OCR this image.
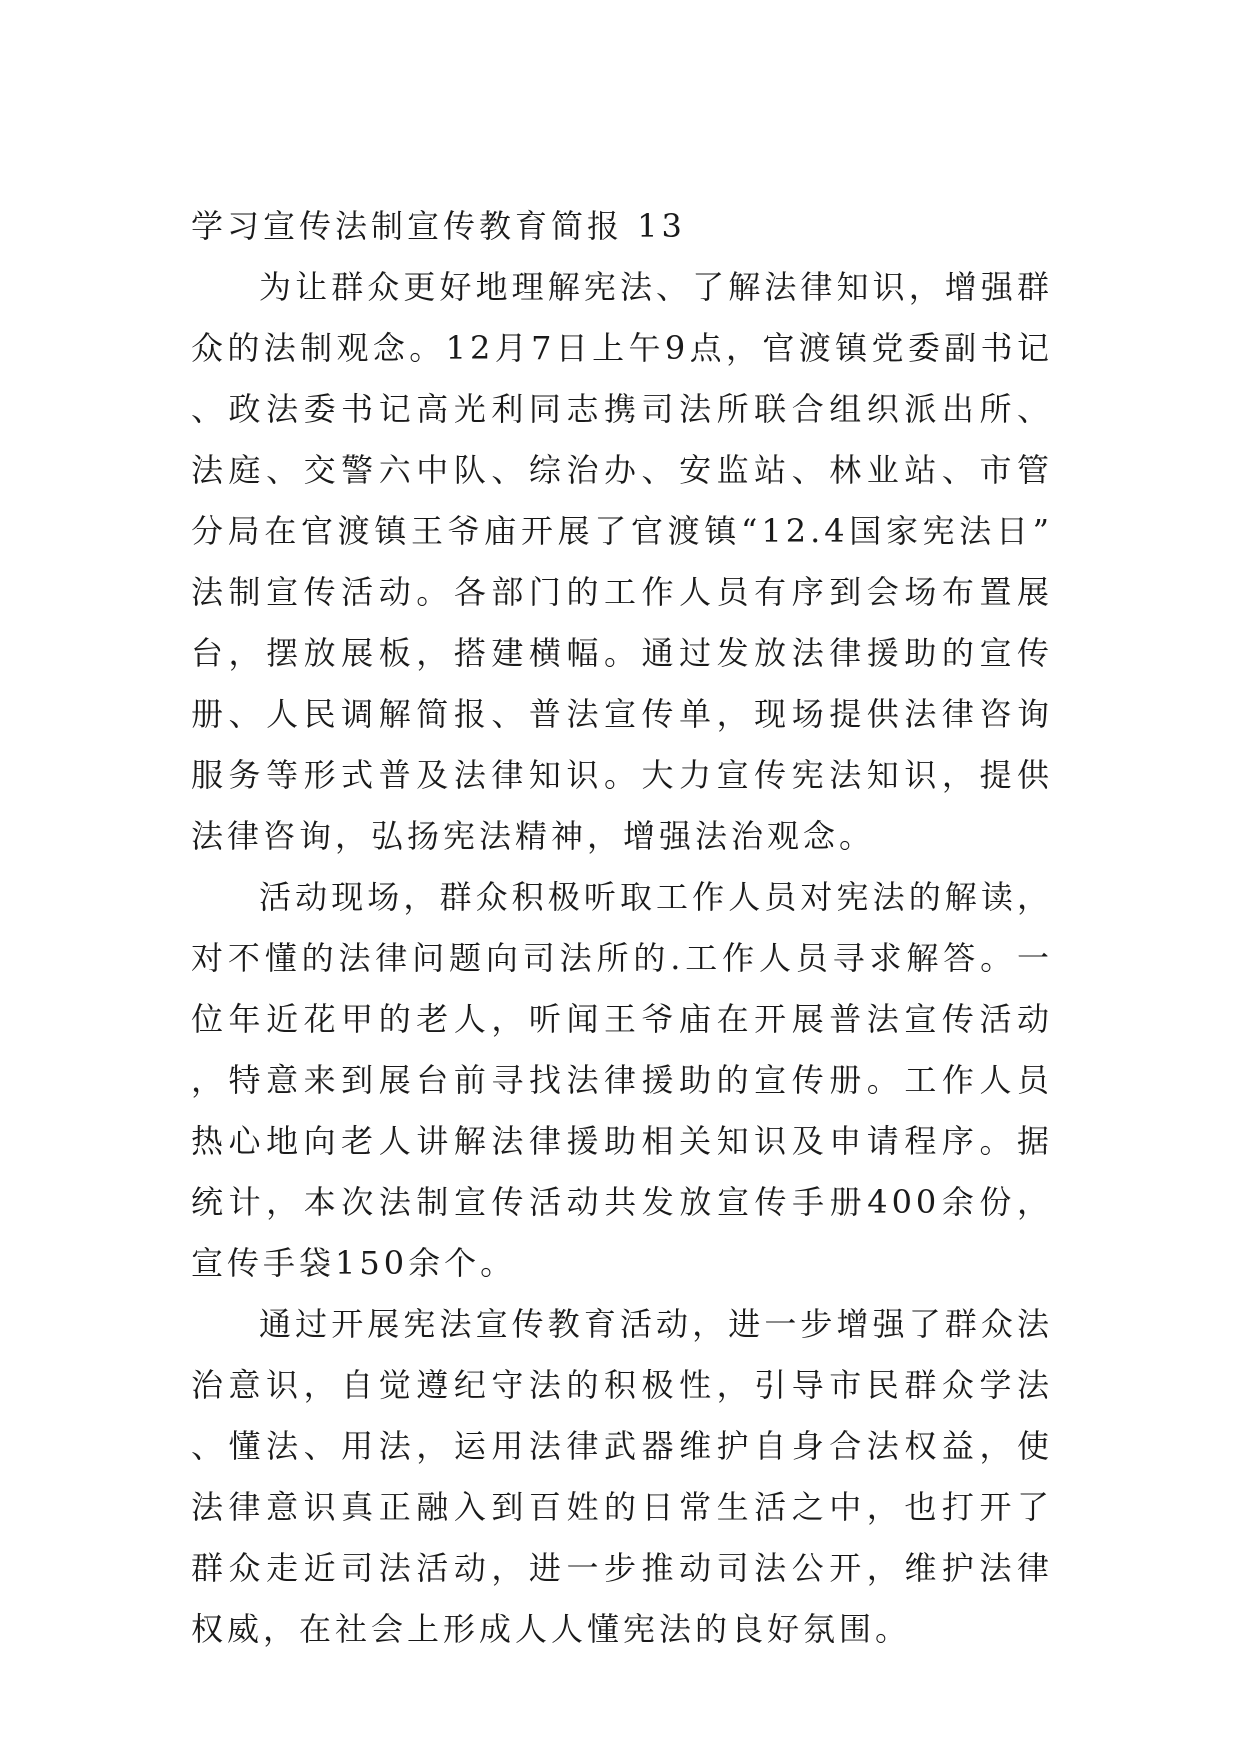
学习宣传法制宣传教育简报 13

为让群众更好地理解宪法、了解法律知识，增强群众的法制观念。12月7日上午9点，官渡镇党委副书记、政法委书记高光利同志携司法所联合组织派出所、法庭、交警六中队、综治办、安监站、林业站、市管分局在官渡镇王爷庙开展了官渡镇“12.4国家宪法日”法制宣传活动。各部门的工作人员有序到会场布置展台，摆放展板，搭建横幅。通过发放法律援助的宣传册、人民调解简报、普法宣传单，现场提供法律咨询服务等形式普及法律知识。大力宣传宪法知识，提供法律咨询，弘扬宪法精神，增强法治观念。

活动现场，群众积极听取工作人员对宪法的解读，对不懂的法律问题向司法所的.工作人员寻求解答。一位年近花甲的老人，听闻王爷庙在开展普法宣传活动，特意来到展台前寻找法律援助的宣传册。工作人员热心地向老人讲解法律援助相关知识及申请程序。据统计，本次法制宣传活动共发放宣传手册400余份，宣传手袋150余个。

通过开展宪法宣传教育活动，进一步增强了群众法治意识，自觉遵纪守法的积极性，引导市民群众学法、懂法、用法，运用法律武器维护自身合法权益，使法律意识真正融入到百姓的日常生活之中，也打开了群众走近司法活动，进一步推动司法公开，维护法律权威，在社会上形成人人懂宪法的良好氛围。
